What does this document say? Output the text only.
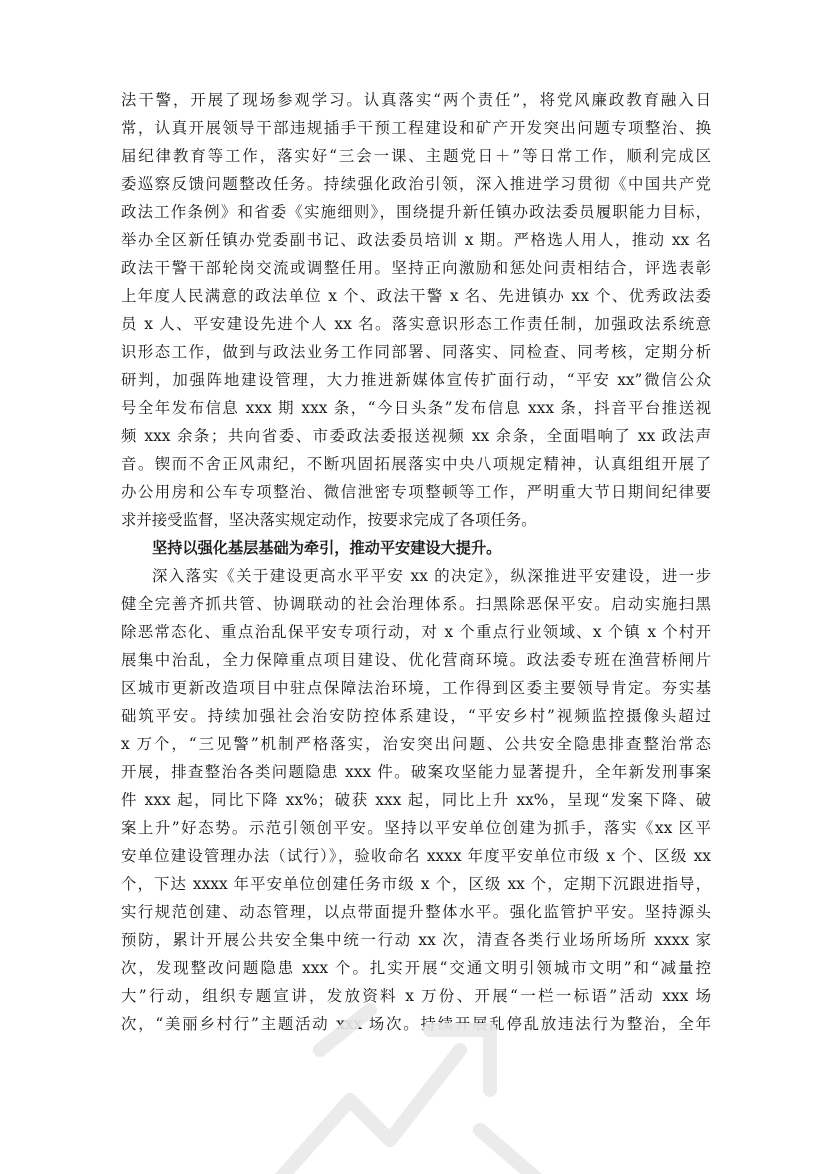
法干警，开展了现场参观学习。认真落实“两个责任”，将党风廉政教育融入日
常，认真开展领导干部违规插手干预工程建设和矿产开发突出问题专项整治、换
届纪律教育等工作，落实好“三会一课、主题党日＋”等日常工作，顺利完成区
委巡察反馈问题整改任务。持续强化政治引领，深入推进学习贯彻《中国共产党
政法工作条例》和省委《实施细则》，围绕提升新任镇办政法委员履职能力目标，
举办全区新任镇办党委副书记、政法委员培训 x 期。严格选人用人，推动 xx 名
政法干警干部轮岗交流或调整任用。坚持正向激励和惩处问责相结合，评选表彰
上年度人民满意的政法单位 x 个、政法干警 x 名、先进镇办 xx 个、优秀政法委
员 x 人、平安建设先进个人 xx 名。落实意识形态工作责任制，加强政法系统意
识形态工作，做到与政法业务工作同部署、同落实、同检查、同考核，定期分析
研判，加强阵地建设管理，大力推进新媒体宣传扩面行动，“平安 xx”微信公众
号全年发布信息 xxx 期 xxx 条，“今日头条”发布信息 xxx 条，抖音平台推送视
频 xxx 余条；共向省委、市委政法委报送视频 xx 余条，全面唱响了 xx 政法声
音。锲而不舍正风肃纪，不断巩固拓展落实中央八项规定精神，认真组组开展了
办公用房和公车专项整治、微信泄密专项整顿等工作，严明重大节日期间纪律要
求并接受监督，坚决落实规定动作，按要求完成了各项任务。
坚持以强化基层基础为牵引，推动平安建设大提升。
深入落实《关于建设更高水平平安 xx 的决定》，纵深推进平安建设，进一步
健全完善齐抓共管、协调联动的社会治理体系。扫黑除恶保平安。启动实施扫黑
除恶常态化、重点治乱保平安专项行动，对 x 个重点行业领域、x 个镇 x 个村开
展集中治乱，全力保障重点项目建设、优化营商环境。政法委专班在渔营桥闸片
区城市更新改造项目中驻点保障法治环境，工作得到区委主要领导肯定。夯实基
础筑平安。持续加强社会治安防控体系建设，“平安乡村”视频监控摄像头超过
x 万个，“三见警”机制严格落实，治安突出问题、公共安全隐患排查整治常态
开展，排查整治各类问题隐患 xxx 件。破案攻坚能力显著提升，全年新发刑事案
件 xxx 起，同比下降 xx%；破获 xxx 起，同比上升 xx%，呈现“发案下降、破
案上升”好态势。示范引领创平安。坚持以平安单位创建为抓手，落实《xx 区平
安单位建设管理办法（试行）》，验收命名 xxxx 年度平安单位市级 x 个、区级 xx
个，下达 xxxx 年平安单位创建任务市级 x 个，区级 xx 个，定期下沉跟进指导，
实行规范创建、动态管理，以点带面提升整体水平。强化监管护平安。坚持源头
预防，累计开展公共安全集中统一行动 xx 次，清查各类行业场所场所 xxxx 家
次，发现整改问题隐患 xxx 个。扎实开展“交通文明引领城市文明”和“减量控
大”行动，组织专题宣讲，发放资料 x 万份、开展“一栏一标语”活动 xxx 场
次，“美丽乡村行”主题活动 xxx 场次。持续开展乱停乱放违法行为整治，全年
